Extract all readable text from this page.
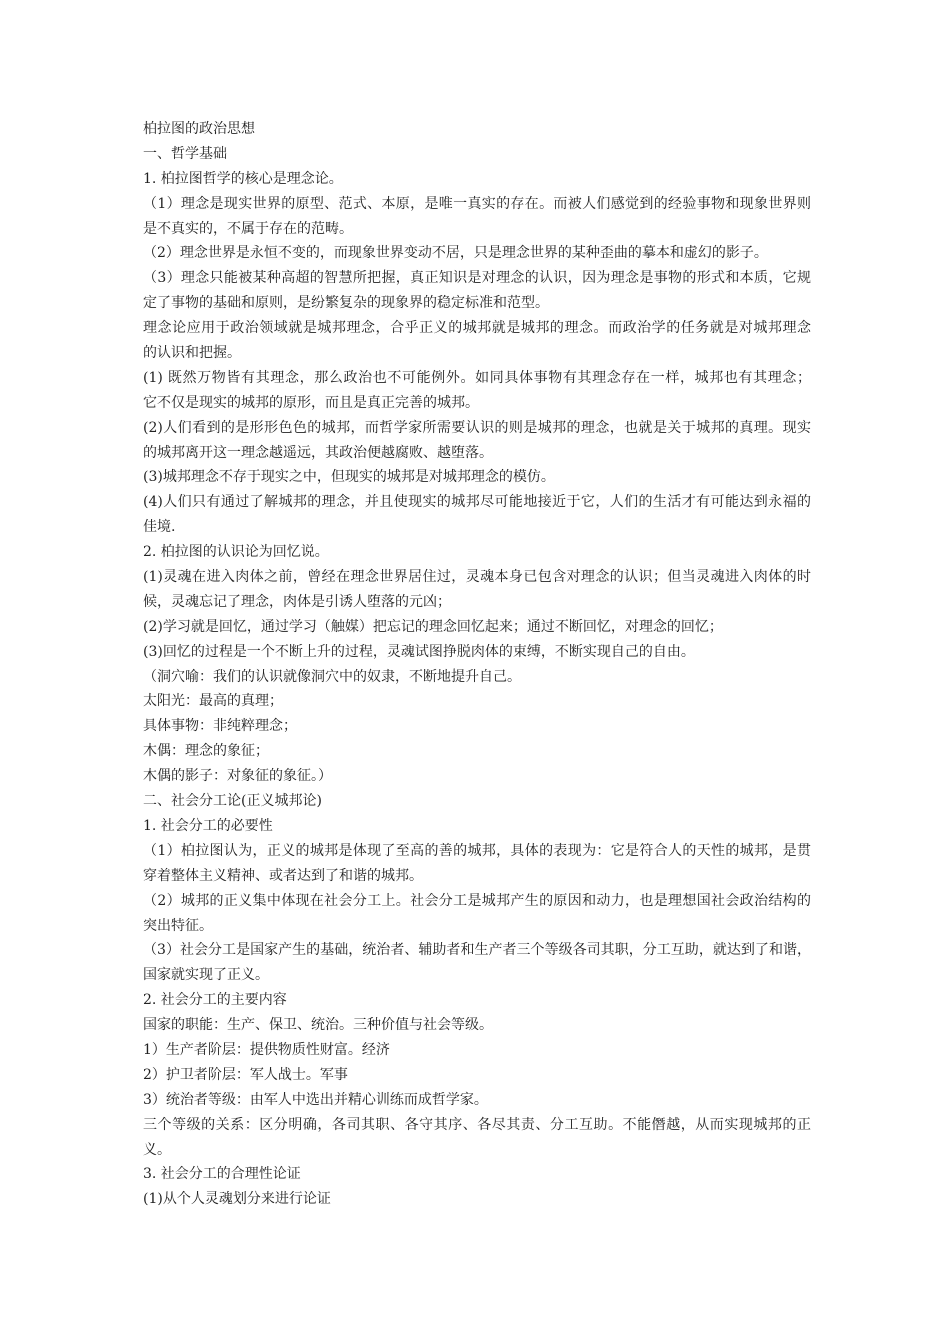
柏拉图的政治思想
一、哲学基础
1. 柏拉图哲学的核心是理念论。
（1）理念是现实世界的原型、范式、本原，是唯一真实的存在。而被人们感觉到的经验事物和现象世界则
是不真实的，不属于存在的范畴。
（2）理念世界是永恒不变的，而现象世界变动不居，只是理念世界的某种歪曲的摹本和虚幻的影子。
（3）理念只能被某种高超的智慧所把握，真正知识是对理念的认识，因为理念是事物的形式和本质，它规
定了事物的基础和原则，是纷繁复杂的现象界的稳定标准和范型。
理念论应用于政治领域就是城邦理念，合乎正义的城邦就是城邦的理念。而政治学的任务就是对城邦理念
的认识和把握。
(1) 既然万物皆有其理念，那么政治也不可能例外。如同具体事物有其理念存在一样，城邦也有其理念；
它不仅是现实的城邦的原形，而且是真正完善的城邦。
(2)人们看到的是形形色色的城邦，而哲学家所需要认识的则是城邦的理念，也就是关于城邦的真理。现实
的城邦离开这一理念越遥远，其政治便越腐败、越堕落。
(3)城邦理念不存于现实之中，但现实的城邦是对城邦理念的模仿。
(4)人们只有通过了解城邦的理念，并且使现实的城邦尽可能地接近于它，人们的生活才有可能达到永福的
佳境.
2. 柏拉图的认识论为回忆说。
(1)灵魂在进入肉体之前，曾经在理念世界居住过，灵魂本身已包含对理念的认识；但当灵魂进入肉体的时
候，灵魂忘记了理念，肉体是引诱人堕落的元凶；
(2)学习就是回忆，通过学习（触媒）把忘记的理念回忆起来；通过不断回忆，对理念的回忆；
(3)回忆的过程是一个不断上升的过程，灵魂试图挣脱肉体的束缚，不断实现自己的自由。
（洞穴喻：我们的认识就像洞穴中的奴隶，不断地提升自己。
太阳光：最高的真理；
具体事物：非纯粹理念；
木偶：理念的象征；
木偶的影子：对象征的象征。）
二、社会分工论(正义城邦论)
1. 社会分工的必要性
（1）柏拉图认为，正义的城邦是体现了至高的善的城邦，具体的表现为：它是符合人的天性的城邦，是贯
穿着整体主义精神、或者达到了和谐的城邦。
（2）城邦的正义集中体现在社会分工上。社会分工是城邦产生的原因和动力，也是理想国社会政治结构的
突出特征。
（3）社会分工是国家产生的基础，统治者、辅助者和生产者三个等级各司其职，分工互助，就达到了和谐，
国家就实现了正义。
2. 社会分工的主要内容
国家的职能：生产、保卫、统治。三种价值与社会等级。
1）生产者阶层：提供物质性财富。经济
2）护卫者阶层：军人战士。军事
3）统治者等级：由军人中选出并精心训练而成哲学家。
三个等级的关系：区分明确，各司其职、各守其序、各尽其责、分工互助。不能僭越，从而实现城邦的正
义。
3. 社会分工的合理性论证
(1)从个人灵魂划分来进行论证
